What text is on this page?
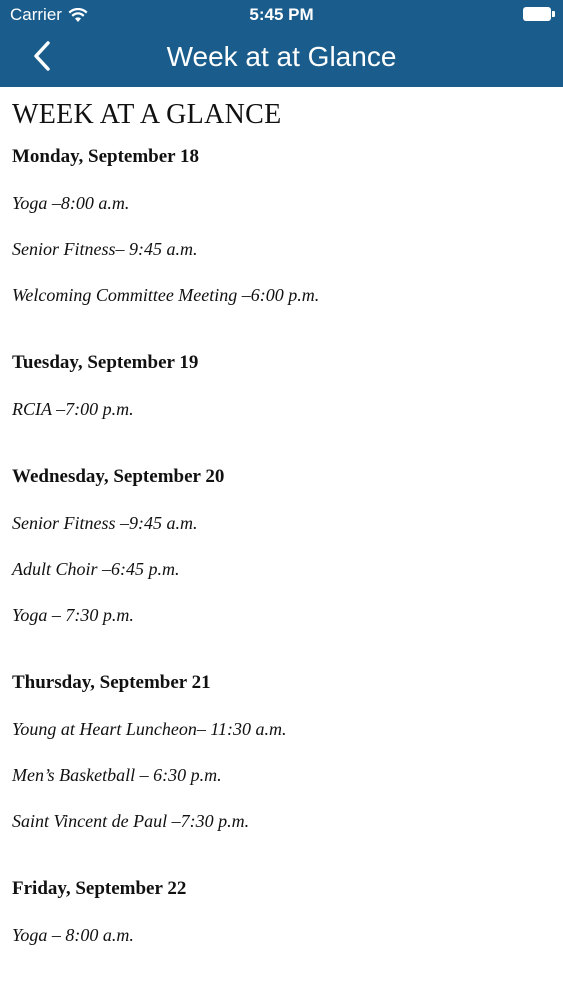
Carrier	5:45 PM
Week at at Glance
WEEK AT A GLANCE
Monday, September 18
Yoga –8:00 a.m.
Senior Fitness– 9:45 a.m.
Welcoming Committee Meeting –6:00 p.m.
Tuesday, September 19
RCIA –7:00 p.m.
Wednesday, September 20
Senior Fitness –9:45 a.m.
Adult Choir –6:45 p.m.
Yoga – 7:30 p.m.
Thursday, September 21
Young at Heart Luncheon– 11:30 a.m.
Men’s Basketball – 6:30 p.m.
Saint Vincent de Paul –7:30 p.m.
Friday, September 22
Yoga – 8:00 a.m.
